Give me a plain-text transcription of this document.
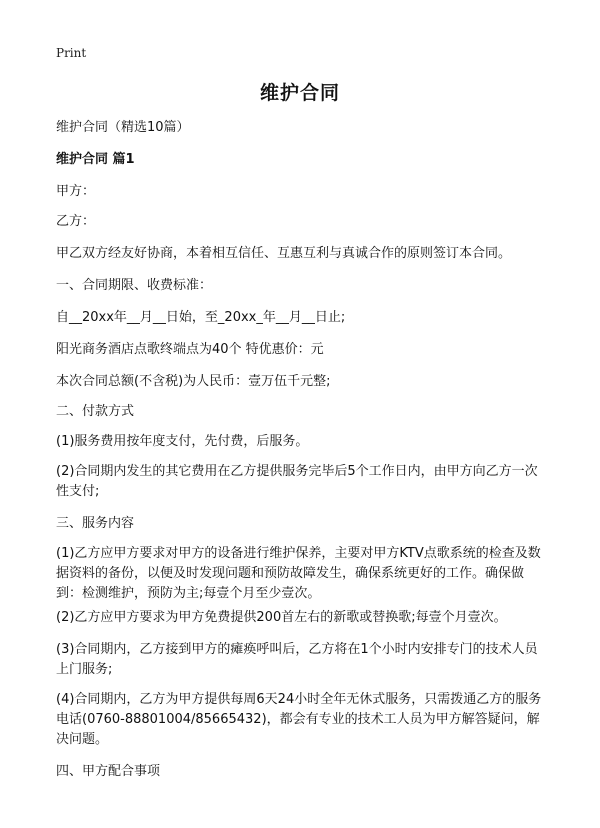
Print
维护合同

维护合同（精选10篇）

维护合同 篇1

甲方：

乙方：

甲乙双方经友好协商，本着相互信任、互惠互利与真诚合作的原则签订本合同。

一、合同期限、收费标准：

自__20xx年__月__日始，至_20xx_年__月__日止;

阳光商务酒店点歌终端点为40个 特优惠价：元

本次合同总额(不含税)为人民币：壹万伍千元整;

二、付款方式

(1)服务费用按年度支付，先付费，后服务。

(2)合同期内发生的其它费用在乙方提供服务完毕后5个工作日内，由甲方向乙方一次性支付;

三、服务内容

(1)乙方应甲方要求对甲方的设备进行维护保养，主要对甲方KTV点歌系统的检查及数据资料的备份，以便及时发现问题和预防故障发生，确保系统更好的工作。确保做到：检测维护，预防为主;每壹个月至少壹次。

(2)乙方应甲方要求为甲方免费提供200首左右的新歌或替换歌;每壹个月壹次。

(3)合同期内，乙方接到甲方的瘫痪呼叫后，乙方将在1个小时内安排专门的技术人员上门服务;

(4)合同期内，乙方为甲方提供每周6天24小时全年无休式服务，只需拨通乙方的服务电话(0760-88801004/85665432)，都会有专业的技术工人员为甲方解答疑问，解决问题。

四、甲方配合事项
